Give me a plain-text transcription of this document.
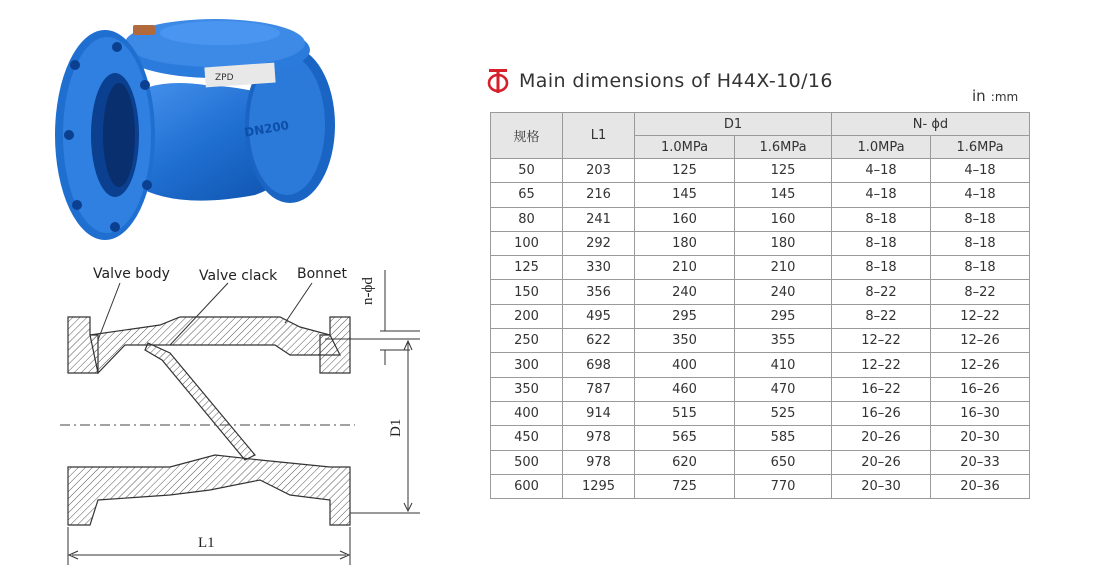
ZPD
DN200
Valve body Valve clack Bonnet
n-ϕd
D1
L1
Main dimensions of H44X-10/16
in :mm
规格	L1	D1		N- ϕd	
		1.0MPa	1.6MPa	1.0MPa	1.6MPa
50	203	125	125	4–18	4–18
65	216	145	145	4–18	4–18
80	241	160	160	8–18	8–18
100	292	180	180	8–18	8–18
125	330	210	210	8–18	8–18
150	356	240	240	8–22	8–22
200	495	295	295	8–22	12–22
250	622	350	355	12–22	12–26
300	698	400	410	12–22	12–26
350	787	460	470	16–22	16–26
400	914	515	525	16–26	16–30
450	978	565	585	20–26	20–30
500	978	620	650	20–26	20–33
600	1295	725	770	20–30	20–36
